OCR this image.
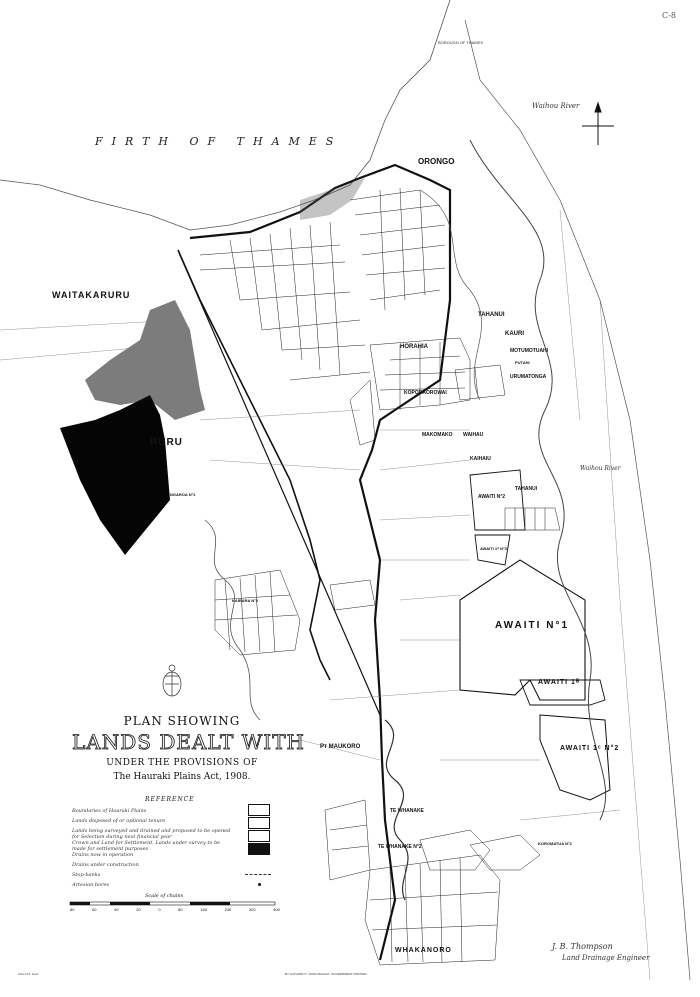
FIRTH OF THAMES
C-8
BOROUGH OF THAMES
Waihou River
Waihou River
ORONGO
WAITAKARURU
RURU
TAHANUI
KAURI
MOTUMOTUAHI
PUTAHI
URUMATONGA
HORAHIA
KOPORAOROWAI
MAKOMAKO WAIHAU
KAIHAIU
TAHANUI
AWAITI N°2
AWAITI 1ᴬ N°3
AWAITI N°1
AWAITI 1ᴮ
AWAITI 1ᶜ N°2
Pᴛ MAUKORO
TE WHANAKE
TE WHANAKE N°2
WHAKANORO
KOROMATUA N°2
NGAROA N°2
KAIRARA N°2
PLAN SHOWING
LANDS DEALT WITH
UNDER THE PROVISIONS OF
The Hauraki Plains Act, 1908.
REFERENCE
Boundaries of Hauraki Plains
Lands disposed of or optional tenure
Lands being surveyed and drained and proposed to be opened for Selection during next financial year
Crown and Land for Settlement, Lands under survey to be made for settlement purposes
Drains now in operation
Drains under construction
Stop-banks
Artesian bores
Scale of chains
80	60	40	20	0	80	160	240	320	400
J. B. Thompson
Land Drainage Engineer
BY AUTHORITY: JOHN MACKAY, GOVERNMENT PRINTER.
Litho N.Z. Govt
